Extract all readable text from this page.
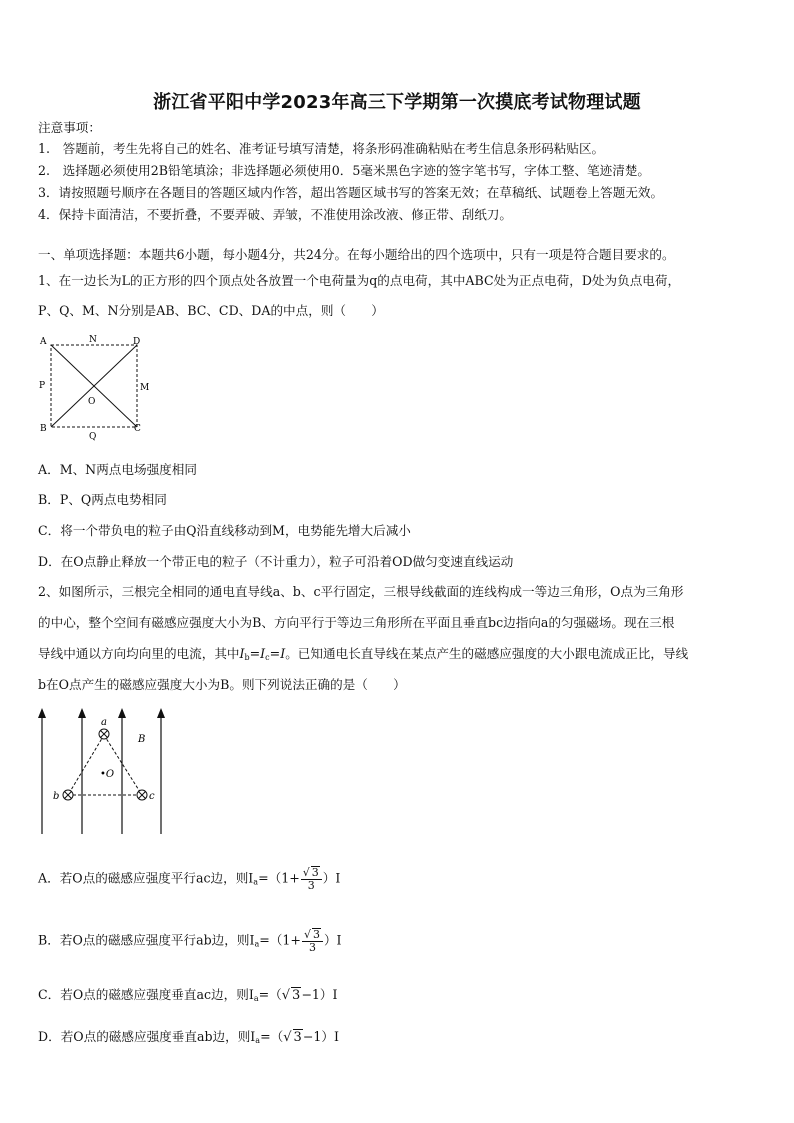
浙江省平阳中学2023年高三下学期第一次摸底考试物理试题
注意事项：
1.　答题前，考生先将自己的姓名、准考证号填写清楚，将条形码准确粘贴在考生信息条形码粘贴区。
2.　选择题必须使用2B铅笔填涂；非选择题必须使用0．5毫米黑色字迹的签字笔书写，字体工整、笔迹清楚。
3．请按照题号顺序在各题目的答题区域内作答，超出答题区域书写的答案无效；在草稿纸、试题卷上答题无效。
4．保持卡面清洁，不要折叠，不要弄破、弄皱，不准使用涂改液、修正带、刮纸刀。
一、单项选择题：本题共6小题，每小题4分，共24分。在每小题给出的四个选项中，只有一项是符合题目要求的。
1、在一边长为L的正方形的四个顶点处各放置一个电荷量为q的点电荷，其中ABC处为正点电荷，D处为负点电荷，
P、Q、M、N分别是AB、BC、CD、DA的中点，则（　　）
A	N	D
P	M
O
B
Q
C
A．M、N两点电场强度相同
B．P、Q两点电势相同
C．将一个带负电的粒子由Q沿直线移动到M，电势能先增大后减小
D．在O点静止释放一个带正电的粒子（不计重力），粒子可沿着OD做匀变速直线运动
2、如图所示，三根完全相同的通电直导线a、b、c平行固定，三根导线截面的连线构成一等边三角形，O点为三角形
的中心，整个空间有磁感应强度大小为B、方向平行于等边三角形所在平面且垂直bc边指向a的匀强磁场。现在三根
导线中通以方向均向里的电流，其中$I_b=I_c=I$。已知通电长直导线在某点产生的磁感应强度的大小跟电流成正比，导线
b在O点产生的磁感应强度大小为B。则下列说法正确的是（　　）
a
B
•O
b	c
A．若O点的磁感应强度平行ac边，则$I_a=(1+ \frac{√ 3}{3} )I$
B．若O点的磁感应强度平行ab边，则$I_a=(1+ \frac{√ 3}{3} )I$
C．若O点的磁感应强度垂直ac边，则$I_a=(√$ 3−1）I
D．若O点的磁感应强度垂直ab边，则$I_a=(√$ 3−1）I
